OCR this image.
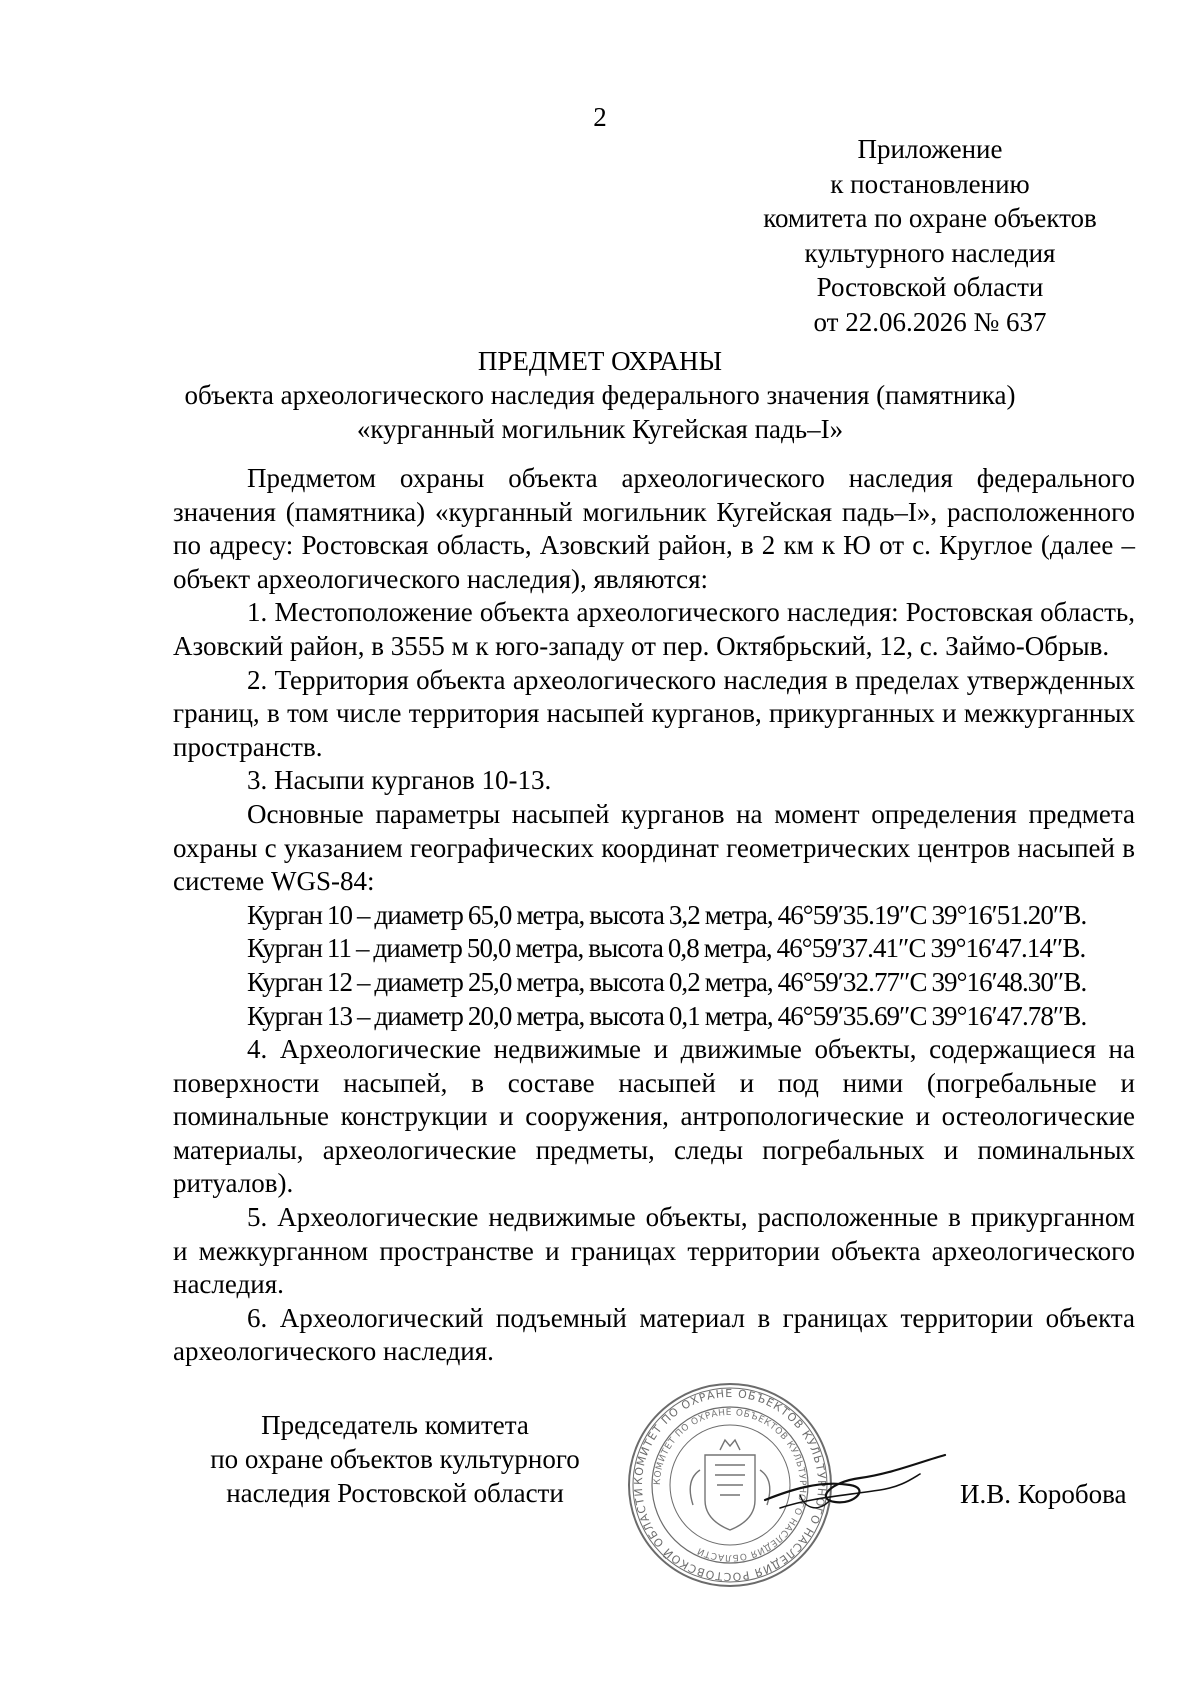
2
Приложение
к постановлению
комитета по охране объектов
культурного наследия
Ростовской области
от 22.06.2026 № 637
ПРЕДМЕТ ОХРАНЫ
объекта археологического наследия федерального значения (памятника)
«курганный могильник Кугейская падь–I»

Предметом охраны объекта археологического наследия федерального значения (памятника) «курганный могильник Кугейская падь–I», расположенного по адресу: Ростовская область, Азовский район, в 2 км к Ю от с. Круглое (далее – объект археологического наследия), являются:

1. Местоположение объекта археологического наследия: Ростовская область, Азовский район, в 3555 м к юго-западу от пер. Октябрьский, 12, с. Займо-Обрыв.

2. Территория объекта археологического наследия в пределах утвержденных границ, в том числе территория насыпей курганов, прикурганных и межкурганных пространств.

3. Насыпи курганов 10-13.

Основные параметры насыпей курганов на момент определения предмета охраны с указанием географических координат геометрических центров насыпей в системе WGS-84:

Курган 10 – диаметр 65,0 метра, высота 3,2 метра, 46°59′35.19″С 39°16′51.20″В.

Курган 11 – диаметр 50,0 метра, высота 0,8 метра, 46°59′37.41″С 39°16′47.14″В.

Курган 12 – диаметр 25,0 метра, высота 0,2 метра, 46°59′32.77″С 39°16′48.30″В.

Курган 13 – диаметр 20,0 метра, высота 0,1 метра, 46°59′35.69″С 39°16′47.78″В.

4. Археологические недвижимые и движимые объекты, содержащиеся на поверхности насыпей, в составе насыпей и под ними (погребальные и поминальные конструкции и сооружения, антропологические и остеологические материалы, археологические предметы, следы погребальных и поминальных ритуалов).

5. Археологические недвижимые объекты, расположенные в прикурганном и межкурганном пространстве и границах территории объекта археологического наследия.

6. Археологический подъемный материал в границах территории объекта археологического наследия.

Председатель комитета
по охране объектов культурного
наследия Ростовской области	КОМИТЕТ ПО ОХРАНЕ ОБЪЕКТОВ КУЛЬТУРНОГО НАСЛЕДИЯ РОСТОВСКОЙ ОБЛАСТИ
КОМИТЕТ ПО ОХРАНЕ ОБЪЕКТОВ КУЛЬТУРНОГО НАСЛЕДИЯ ОБЛАСТИ
И.В. Коробова
